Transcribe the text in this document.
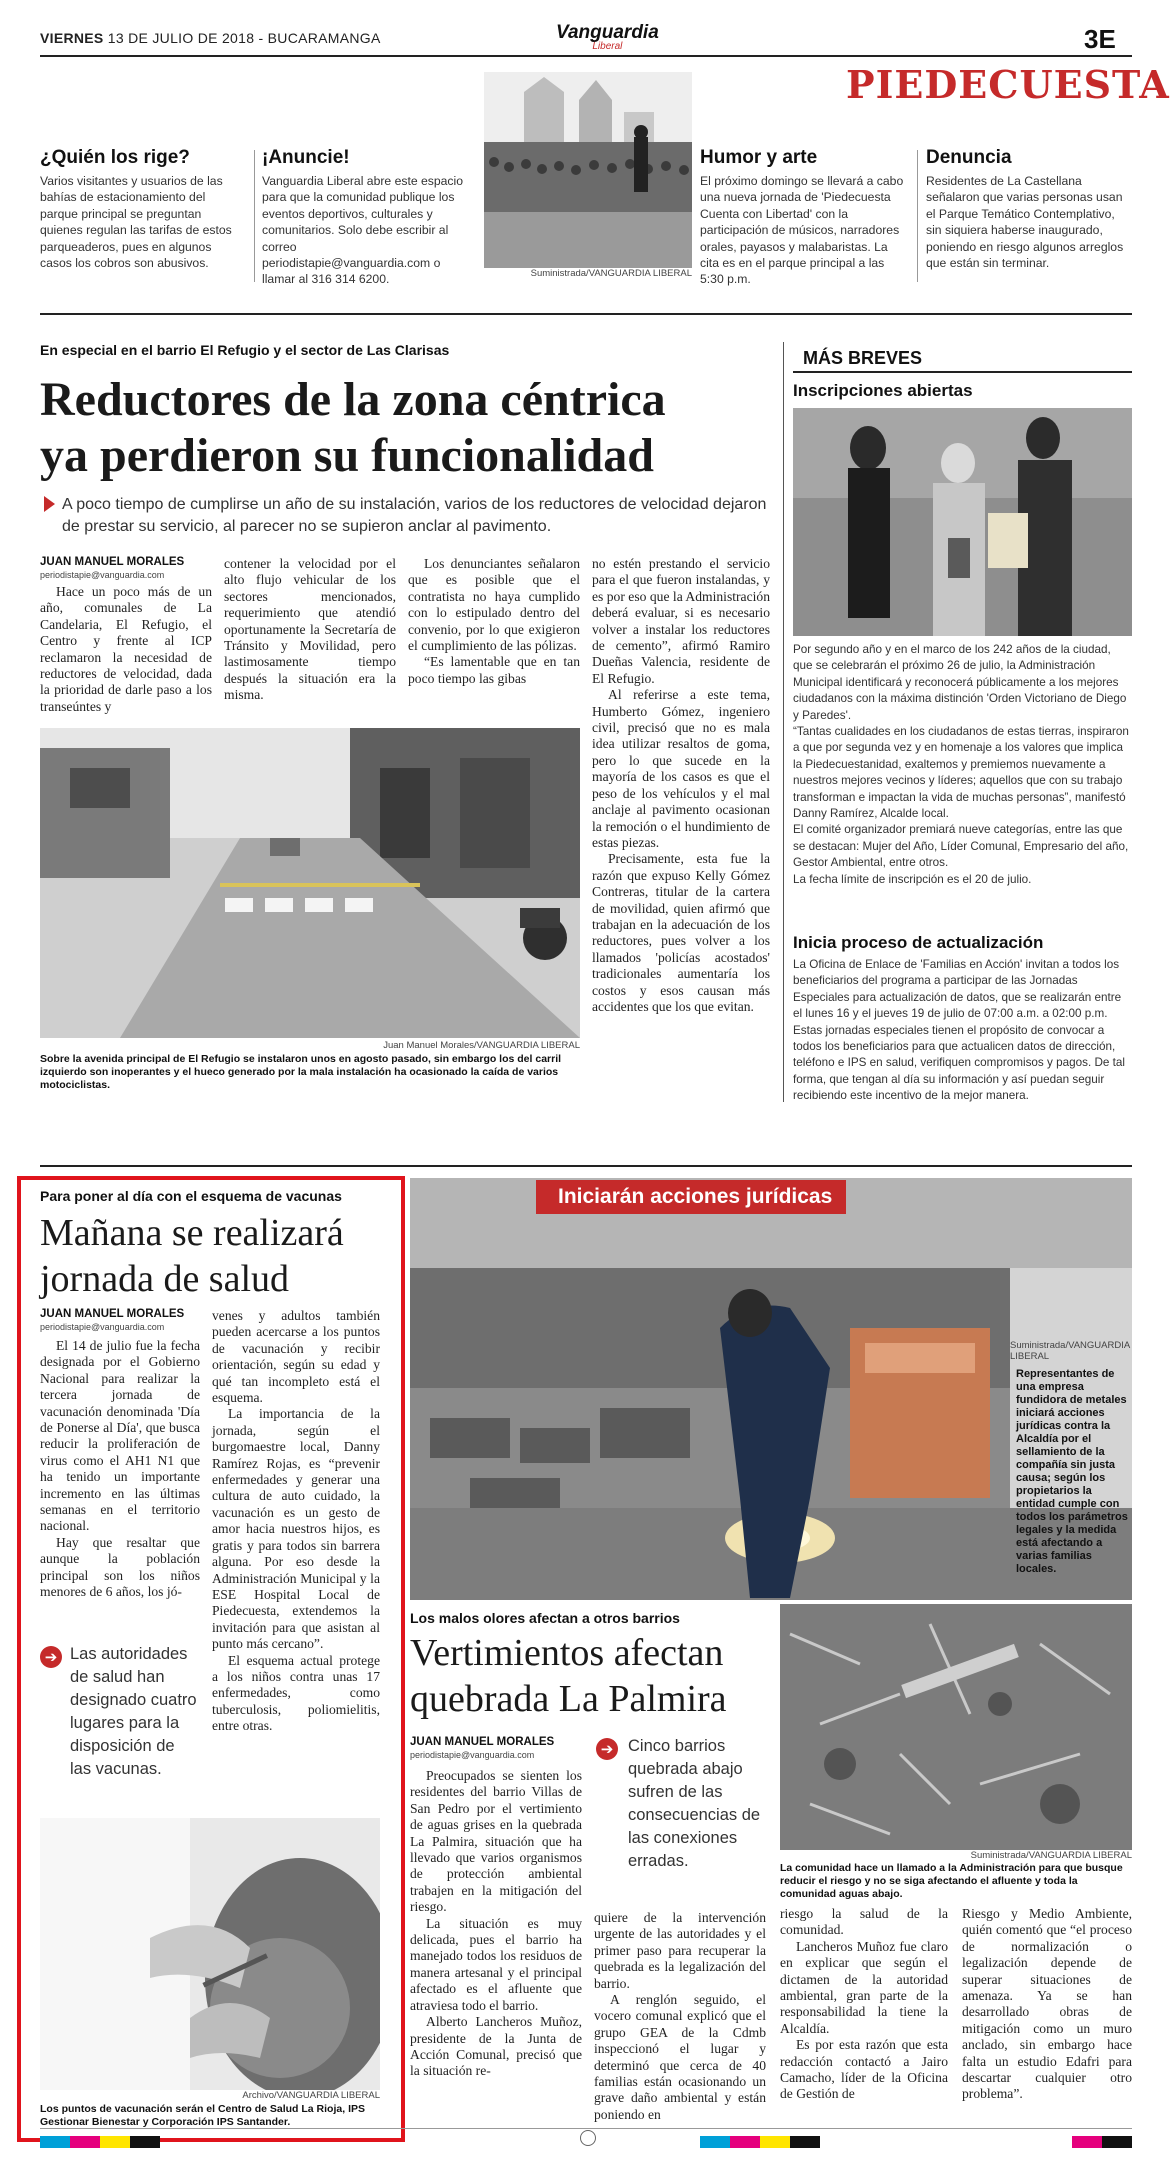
VIERNES 13 DE JULIO DE 2018 - BUCARAMANGA	Vanguardia
Liberal	3E
PIEDECUESTA
¿Quién los rige?

Varios visitantes y usuarios de las bahías de estacionamiento del parque principal se preguntan quienes regulan las tarifas de estos parqueaderos, pues en algunos casos los cobros son abusivos.

¡Anuncie!

Vanguardia Liberal abre este espacio para que la comunidad publique los eventos deportivos, culturales y comunitarios. Solo debe escribir al correo periodistapie@vanguardia.com o llamar al 316 314 6200.	Suministrada/VANGUARDIA LIBERAL
Humor y arte

El próximo domingo se llevará a cabo una nueva jornada de 'Piedecuesta Cuenta con Libertad' con la participación de músicos, narradores orales, payasos y malabaristas. La cita es en el parque principal a las 5:30 p.m.

Denuncia

Residentes de La Castellana señalaron que varias personas usan el Parque Temático Contemplativo, sin siquiera haberse inaugurado, poniendo en riesgo algunos arreglos que están sin terminar.

En especial en el barrio El Refugio y el sector de Las Clarisas
Reductores de la zona céntrica
ya perdieron su funcionalidad
A poco tiempo de cumplirse un año de su instalación, varios de los reductores de velocidad dejaron de prestar su servicio, al parecer no se supieron anclar al pavimento.
JUAN MANUEL MORALES
periodistapie@vanguardia.com

Hace un poco más de un año, comunales de La Candelaria, El Refugio, el Centro y frente al ICP reclamaron la necesidad de reductores de velocidad, dada la prioridad de darle paso a los transeúntes y

contener la velocidad por el alto flujo vehicular de los sectores mencionados, requerimiento que atendió oportunamente la Secretaría de Tránsito y Movilidad, pero lastimosamente tiempo después la situación era la misma.

Los denunciantes señalaron que es posible que el contratista no haya cumplido con lo estipulado dentro del convenio, por lo que exigieron el cumplimiento de las pólizas.

“Es lamentable que en tan poco tiempo las gibas

no estén prestando el servicio para el que fueron instalandas, y es por eso que la Administración deberá evaluar, si es necesario volver a instalar los reductores de cemento”, afirmó Ramiro Dueñas Valencia, residente de El Refugio.

Al referirse a este tema, Humberto Gómez, ingeniero civil, precisó que no es mala idea utilizar resaltos de goma, pero lo que sucede en la mayoría de los casos es que el peso de los vehículos y el mal anclaje al pavimento ocasionan la remoción o el hundimiento de estas piezas.

Precisamente, esta fue la razón que expuso Kelly Gómez Contreras, titular de la cartera de movilidad, quien afirmó que trabajan en la adecuación de los reductores, pues volver a los llamados 'policías acostados' tradicionales aumentaría los costos y esos causan más accidentes que los que evitan.

Juan Manuel Morales/VANGUARDIA LIBERAL
Sobre la avenida principal de El Refugio se instalaron unos en agosto pasado, sin embargo los del carril izquierdo son inoperantes y el hueco generado por la mala instalación ha ocasionado la caída de varios motociclistas.
MÁS BREVES
Inscripciones abiertas

Por segundo año y en el marco de los 242 años de la ciudad, que se celebrarán el próximo 26 de julio, la Administración Municipal identificará y reconocerá públicamente a los mejores ciudadanos con la máxima distinción 'Orden Victoriano de Diego y Paredes'.

“Tantas cualidades en los ciudadanos de estas tierras, inspiraron a que por segunda vez y en homenaje a los valores que implica la Piedecuestanidad, exaltemos y premiemos nuevamente a nuestros mejores vecinos y líderes; aquellos que con su trabajo transforman e impactan la vida de muchas personas”, manifestó Danny Ramírez, Alcalde local.

El comité organizador premiará nueve categorías, entre las que se destacan: Mujer del Año, Líder Comunal, Empresario del año, Gestor Ambiental, entre otros.

La fecha límite de inscripción es el 20 de julio.

Inicia proceso de actualización

La Oficina de Enlace de 'Familias en Acción' invitan a todos los beneficiarios del programa a participar de las Jornadas Especiales para actualización de datos, que se realizarán entre el lunes 16 y el jueves 19 de julio de 07:00 a.m. a 02:00 p.m.

Estas jornadas especiales tienen el propósito de convocar a todos los beneficiarios para que actualicen datos de dirección, teléfono e IPS en salud, verifiquen compromisos y pagos. De tal forma, que tengan al día su información y así puedan seguir recibiendo este incentivo de la mejor manera.

Para poner al día con el esquema de vacunas
Mañana se realizará
jornada de salud
JUAN MANUEL MORALES
periodistapie@vanguardia.com

El 14 de julio fue la fecha designada por el Gobierno Nacional para realizar la tercera jornada de vacunación denominada 'Día de Ponerse al Día', que busca reducir la proliferación de virus como el AH1 N1 que ha tenido un importante incremento en las últimas semanas en el territorio nacional.

Hay que resaltar que aunque la población principal son los niños menores de 6 años, los jó-

➔ Las autoridades de salud han designado cuatro lugares para la disposición de las vacunas.

venes y adultos también pueden acercarse a los puntos de vacunación y recibir orientación, según su edad y qué tan incompleto está el esquema.

La importancia de la jornada, según el burgomaestre local, Danny Ramírez Rojas, es “prevenir enfermedades y generar una cultura de auto cuidado, la vacunación es un gesto de amor hacia nuestros hijos, es gratis y para todos sin barrera alguna. Por eso desde la Administración Municipal y la ESE Hospital Local de Piedecuesta, extendemos la invitación para que asistan al punto más cercano”.

El esquema actual protege a los niños contra unas 17 enfermedades, como tuberculosis, poliomielitis, entre otras.

Archivo/VANGUARDIA LIBERAL
Los puntos de vacunación serán el Centro de Salud La Rioja, IPS Gestionar Bienestar y Corporación IPS Santander.
Iniciarán acciones jurídicas
Suministrada/VANGUARDIA LIBERAL
Representantes de una empresa fundidora de metales iniciará acciones jurídicas contra la Alcaldía por el sellamiento de la compañía sin justa causa; según los propietarios la entidad cumple con todos los parámetros legales y la medida está afectando a varias familias locales.
Los malos olores afectan a otros barrios
Vertimientos afectan
quebrada La Palmira
JUAN MANUEL MORALES
periodistapie@vanguardia.com	➔ Cinco barrios quebrada abajo sufren de las consecuencias de las conexiones erradas.

Preocupados se sienten los residentes del barrio Villas de San Pedro por el vertimiento de aguas grises en la quebrada La Palmira, situación que ha llevado que varios organismos de protección ambiental trabajen en la mitigación del riesgo.

La situación es muy delicada, pues el barrio ha manejado todos los residuos de manera artesanal y el principal afectado es el afluente que atraviesa todo el barrio.

Alberto Lancheros Muñoz, presidente de la Junta de Acción Comunal, precisó que la situación re-

quiere de la intervención urgente de las autoridades y el primer paso para recuperar la quebrada es la legalización del barrio.

A renglón seguido, el vocero comunal explicó que el grupo GEA de la Cdmb inspeccionó el lugar y determinó que cerca de 40 familias están ocasionando un grave daño ambiental y están poniendo en

Suministrada/VANGUARDIA LIBERAL
La comunidad hace un llamado a la Administración para que busque reducir el riesgo y no se siga afectando el afluente y toda la comunidad aguas abajo.

riesgo la salud de la comunidad.

Lancheros Muñoz fue claro en explicar que según el dictamen de la autoridad ambiental, gran parte de la responsabilidad la tiene la Alcaldía.

Es por esta razón que esta redacción contactó a Jairo Camacho, líder de la Oficina de Gestión de

Riesgo y Medio Ambiente, quién comentó que “el proceso de normalización o legalización depende de superar situaciones de amenaza. Ya se han desarrollado obras de mitigación como un muro anclado, sin embargo hace falta un estudio Edafri para descartar cualquier otro problema”.
